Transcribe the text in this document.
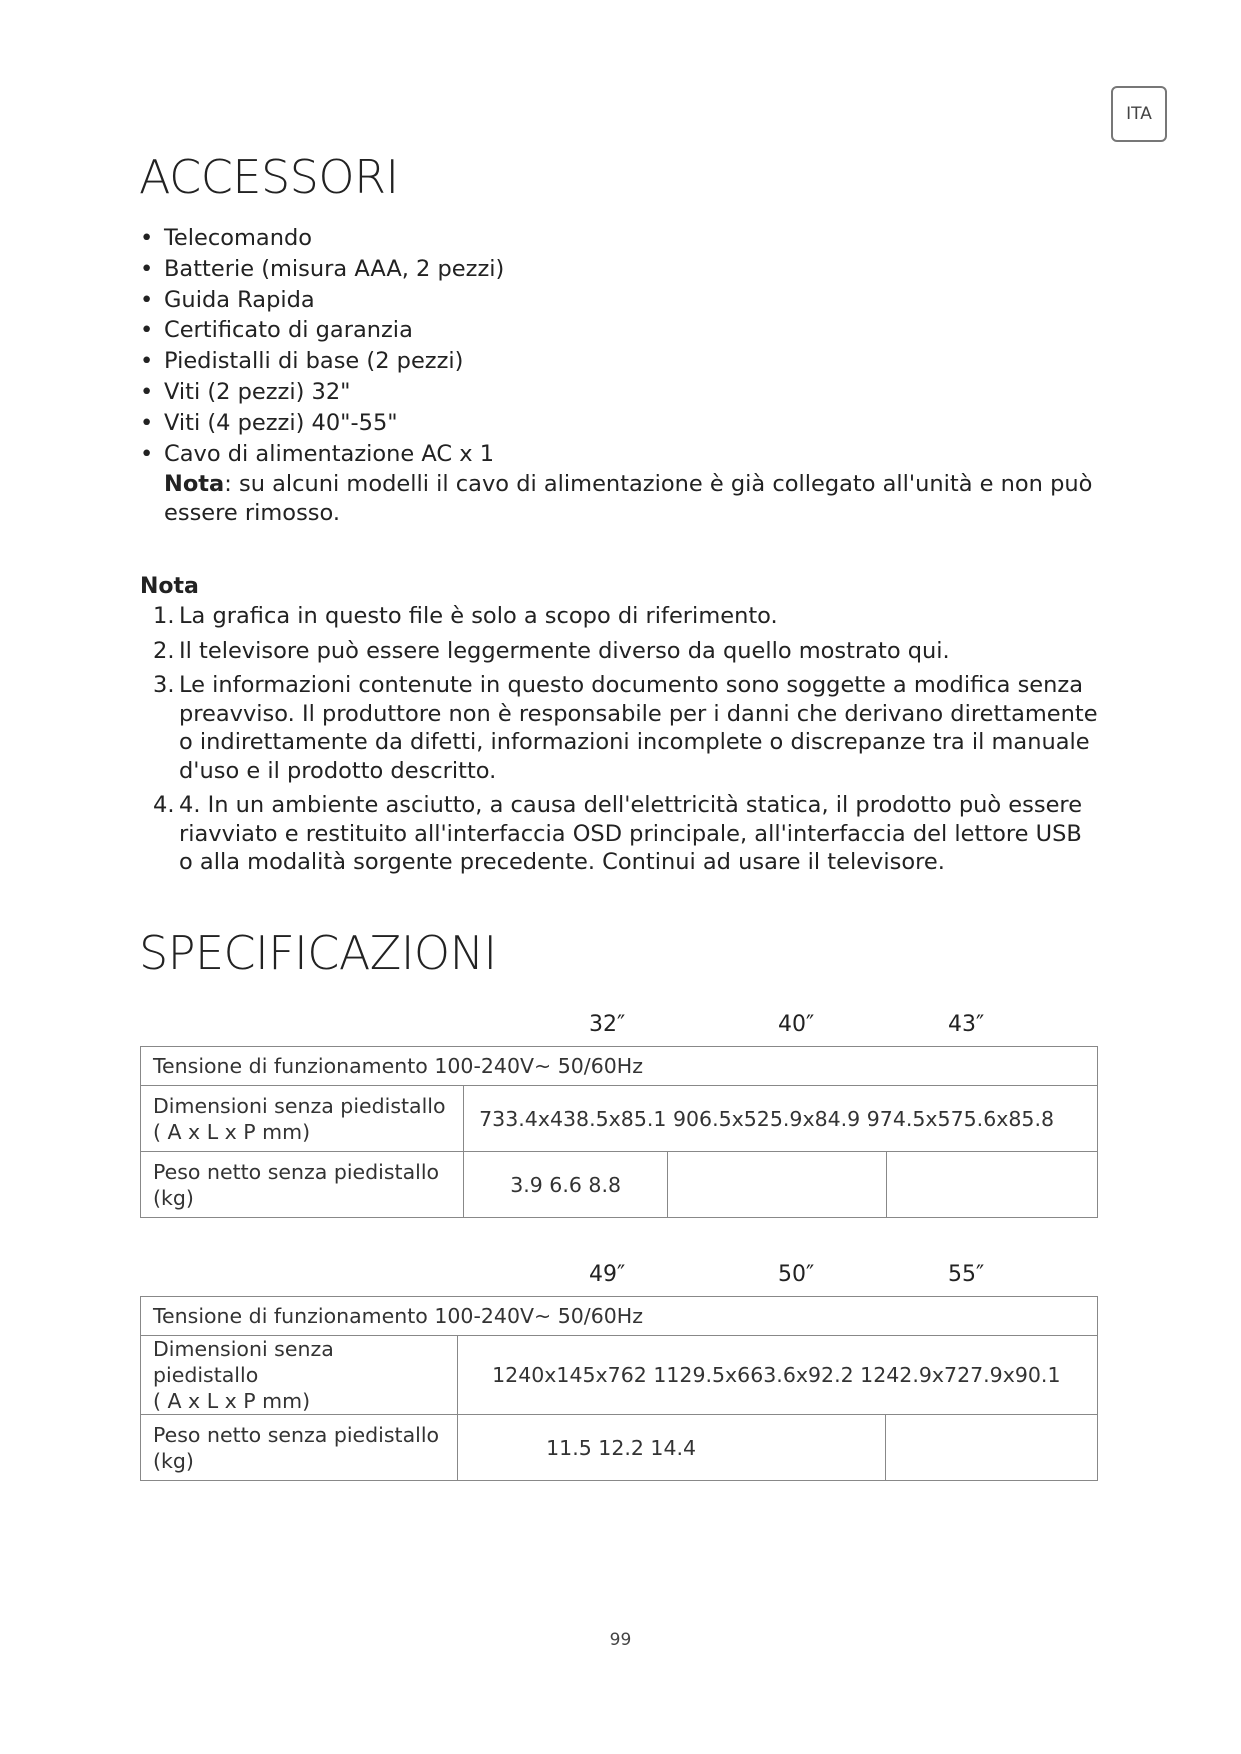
ITA
ACCESSORI
• Telecomando
• Batterie (misura AAA, 2 pezzi)
• Guida Rapida
• Certificato di garanzia
• Piedistalli di base (2 pezzi)
• Viti (2 pezzi) 32"
• Viti (4 pezzi) 40"-55"
• Cavo di alimentazione AC x 1
Nota: su alcuni modelli il cavo di alimentazione è già collegato all'unità e non può essere rimosso.
Nota
1. La grafica in questo file è solo a scopo di riferimento.
2. Il televisore può essere leggermente diverso da quello mostrato qui.
3. Le informazioni contenute in questo documento sono soggette a modifica senza preavviso. Il produttore non è responsabile per i danni che derivano direttamente o indirettamente da difetti, informazioni incomplete o discrepanze tra il manuale d'uso e il prodotto descritto.
4. 4. In un ambiente asciutto, a causa dell'elettricità statica, il prodotto può essere riavviato e restituito all'interfaccia OSD principale, all'interfaccia del lettore USB o alla modalità sorgente precedente. Continui ad usare il televisore.
SPECIFICAZIONI
32″	40″	43″
Tensione di funzionamento 100-240V~ 50/60Hz			
Dimensioni senza piedistallo
( A x L x P mm)	733.4x438.5x85.1 906.5x525.9x84.9 974.5x575.6x85.8		
Peso netto senza piedistallo
(kg)	3.9 6.6 8.8		
49″	50″	55″
Tensione di funzionamento 100-240V~ 50/60Hz		
Dimensioni senza piedistallo
( A x L x P mm)	1240x145x762 1129.5x663.6x92.2 1242.9x727.9x90.1	
Peso netto senza piedistallo
(kg)	11.5 12.2 14.4	
99
